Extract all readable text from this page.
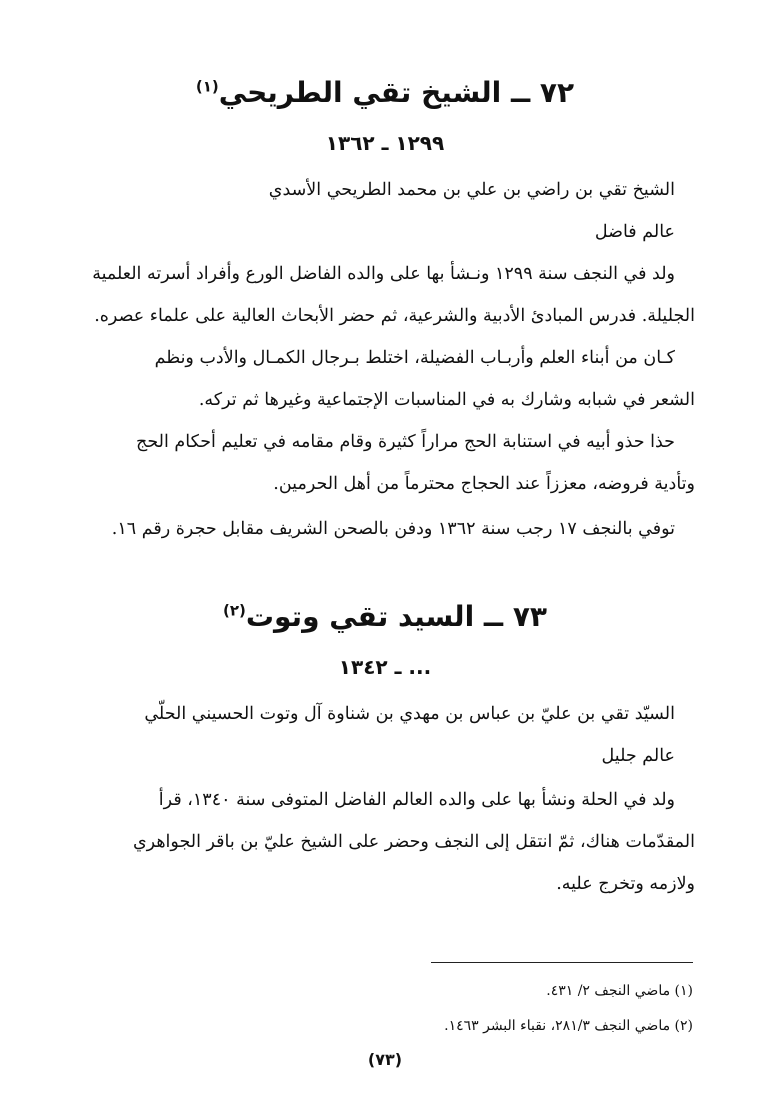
٧٢ ــ الشيخ تقي الطريحي$^{(١)}$
١٢٩٩ ـ ١٣٦٢
الشيخ تقي بن راضي بن علي بن محمد الطريحي الأسدي
عالم فاضل
ولد في النجف سنة ١٢٩٩ ونـشأ بها على والده الفاضل الورع وأفراد أسرته العلمية
الجليلة. فدرس المبادئ الأدبية والشرعية، ثم حضر الأبحاث العالية على علماء عصره.
كـان من أبناء العلم وأربـاب الفضيلة، اختلط بـرجال الكمـال والأدب ونظم
الشعر في شبابه وشارك به في المناسبات الإجتماعية وغيرها ثم تركه.
حذا حذو أبيه في استنابة الحج مراراً كثيرة وقام مقامه في تعليم أحكام الحج
وتأدية فروضه، معززاً عند الحجاج محترماً من أهل الحرمين.
توفي بالنجف ١٧ رجب سنة ١٣٦٢ ودفن بالصحن الشريف مقابل حجرة رقم ١٦.
٧٣ ــ السيد تقي وتوت$^{(٢)}$
... ـ ١٣٤٢
السيّد تقي بن عليّ بن عباس بن مهدي بن شناوة آل وتوت الحسيني الحلّي
عالم جليل
ولد في الحلة ونشأ بها على والده العالم الفاضل المتوفى سنة ١٣٤٠، قرأ
المقدّمات هناك، ثمّ انتقل إلى النجف وحضر على الشيخ عليّ بن باقر الجواهري
ولازمه وتخرج عليه.
(١) ماضي النجف ٢/ ٤٣١.
(٢) ماضي النجف ٢٨١/٣، نقباء البشر ١٤٦٣.
(٧٣)
